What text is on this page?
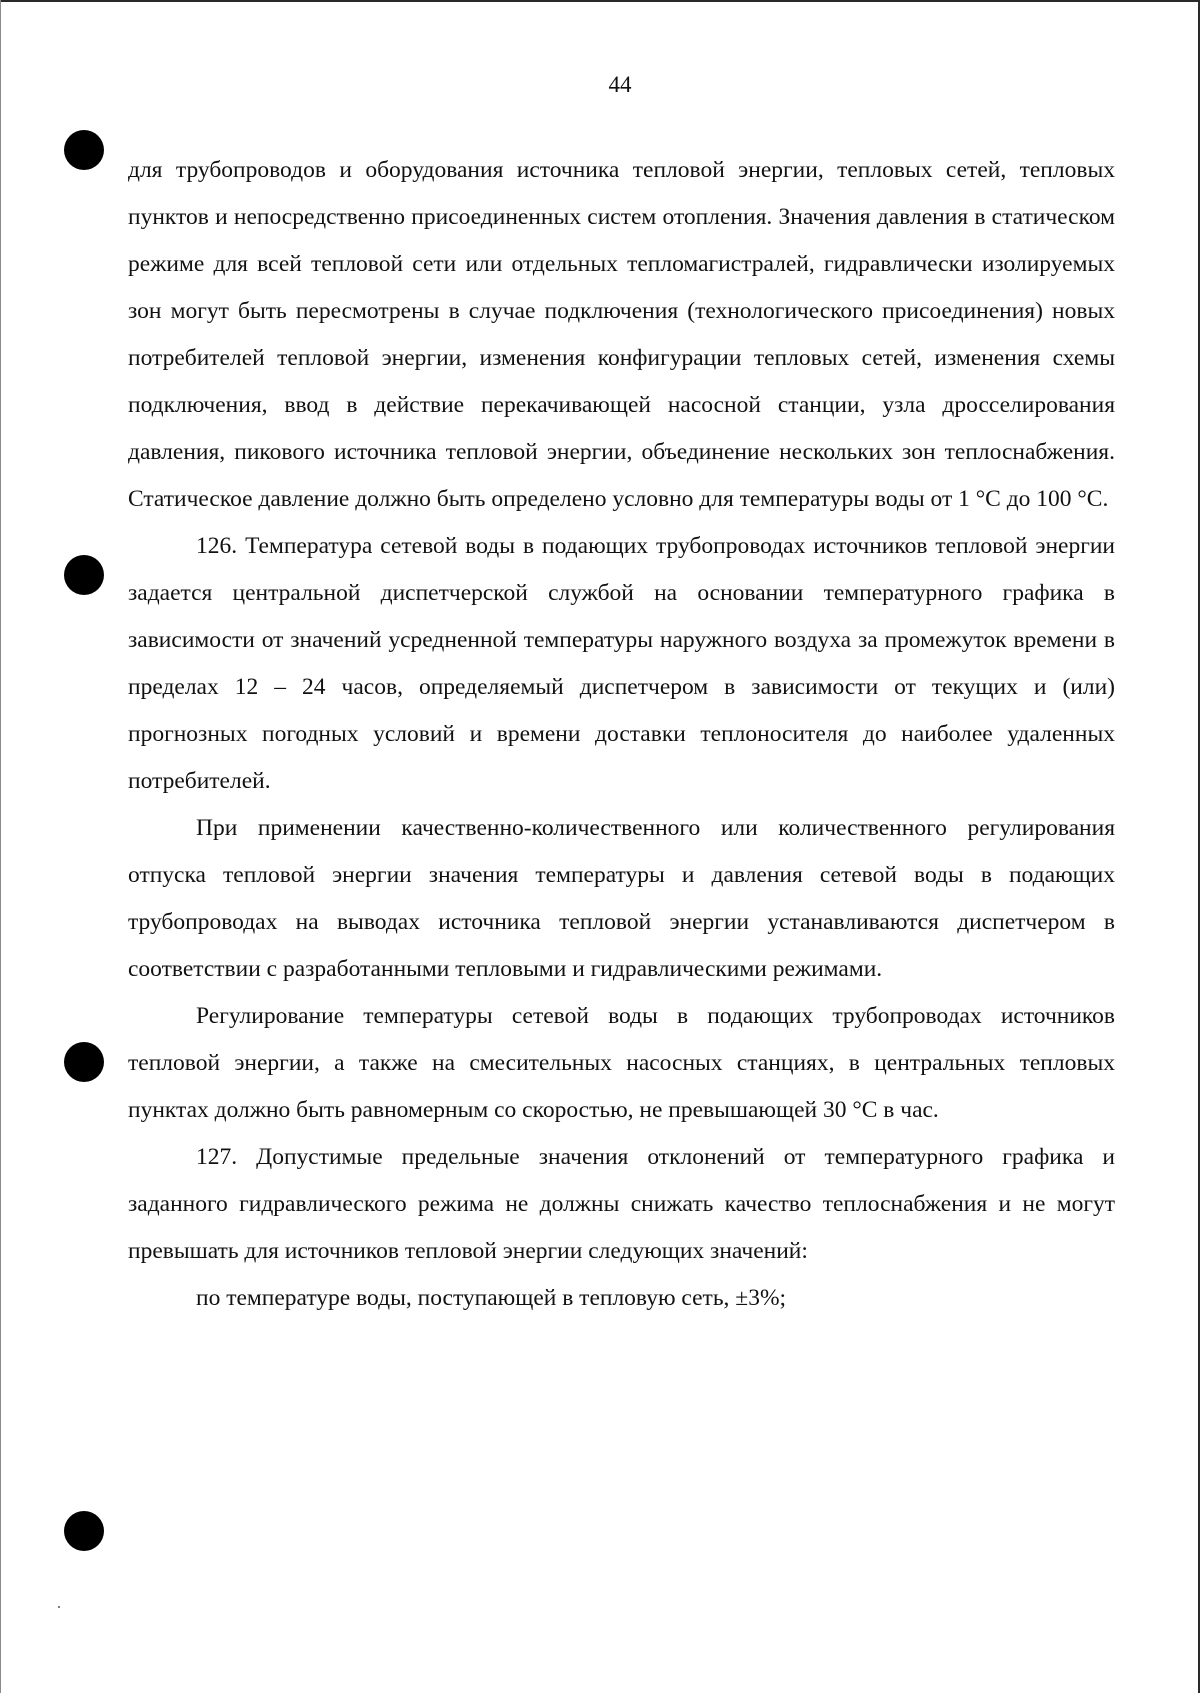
44

для трубопроводов и оборудования источника тепловой энергии, тепловых сетей, тепловых пунктов и непосредственно присоединенных систем отопления. Значения давления в статическом режиме для всей тепловой сети или отдельных тепломагистралей, гидравлически изолируемых зон могут быть пересмотрены в случае подключения (технологического присоединения) новых потребителей тепловой энергии, изменения конфигурации тепловых сетей, изменения схемы подключения, ввод в действие перекачивающей насосной станции, узла дросселирования давления, пикового источника тепловой энергии, объединение нескольких зон теплоснабжения. Статическое давление должно быть определено условно для температуры воды от 1 °C до 100 °C.

126. Температура сетевой воды в подающих трубопроводах источников тепловой энергии задается центральной диспетчерской службой на основании температурного графика в зависимости от значений усредненной температуры наружного воздуха за промежуток времени в пределах 12 – 24 часов, определяемый диспетчером в зависимости от текущих и (или) прогнозных погодных условий и времени доставки теплоносителя до наиболее удаленных потребителей.

При применении качественно-количественного или количественного регулирования отпуска тепловой энергии значения температуры и давления сетевой воды в подающих трубопроводах на выводах источника тепловой энергии устанавливаются диспетчером в соответствии с разработанными тепловыми и гидравлическими режимами.

Регулирование температуры сетевой воды в подающих трубопроводах источников тепловой энергии, а также на смесительных насосных станциях, в центральных тепловых пунктах должно быть равномерным со скоростью, не превышающей 30 °C в час.

127. Допустимые предельные значения отклонений от температурного графика и заданного гидравлического режима не должны снижать качество теплоснабжения и не могут превышать для источников тепловой энергии следующих значений:

по температуре воды, поступающей в тепловую сеть, ±3%;
